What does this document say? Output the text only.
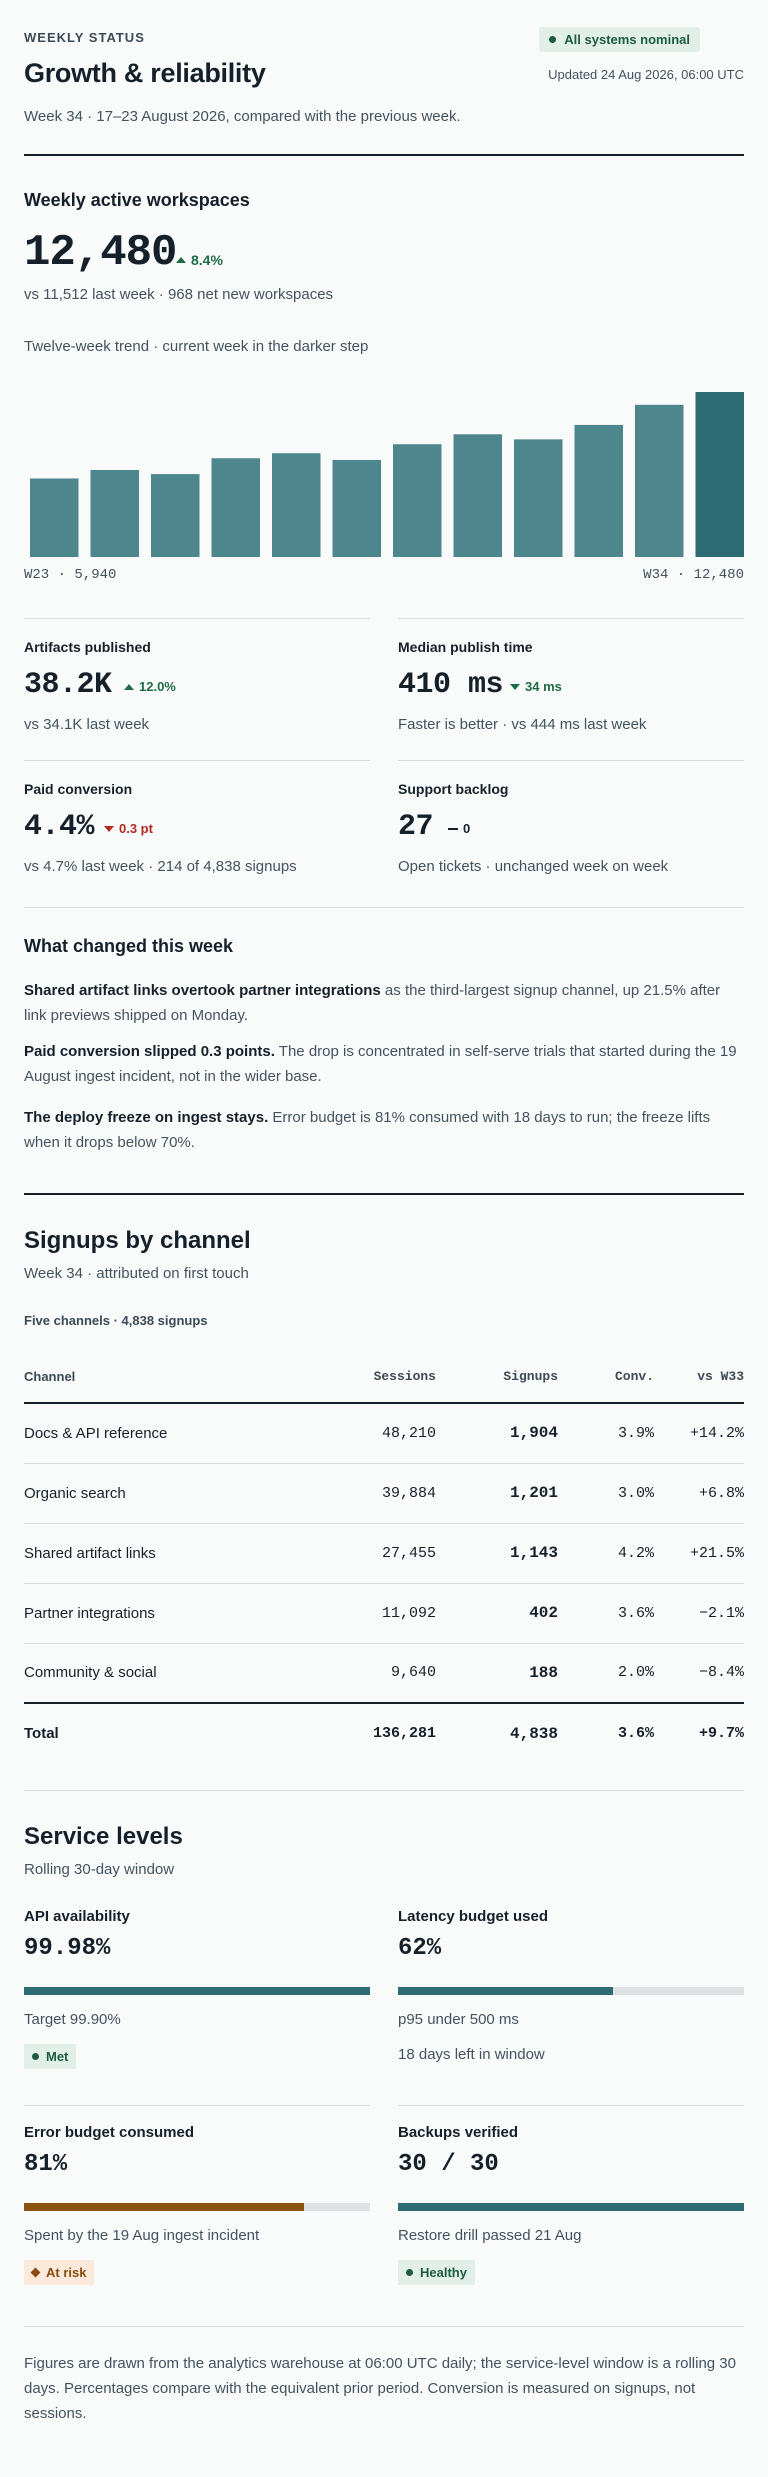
WEEKLY STATUS
Growth & reliability
Week 34 · 17–23 August 2026, compared with the previous week.
All systems nominal
Updated 24 Aug 2026, 06:00 UTC
Weekly active workspaces
12,480 8.4%
vs 11,512 last week · 968 net new workspaces
Twelve-week trend · current week in the darker step
W23 · 5,940	W34 · 12,480
Artifacts published
38.2K 12.0%
vs 34.1K last week
Median publish time
410 ms 34 ms
Faster is better · vs 444 ms last week
Paid conversion
4.4% 0.3 pt
vs 4.7% last week · 214 of 4,838 signups
Support backlog
27 0
Open tickets · unchanged week on week
What changed this week

Shared artifact links overtook partner integrations as the third-largest signup channel, up 21.5% after link previews shipped on Monday.

Paid conversion slipped 0.3 points. The drop is concentrated in self-serve trials that started during the 19 August ingest incident, not in the wider base.

The deploy freeze on ingest stays. Error budget is 81% consumed with 18 days to run; the freeze lifts when it drops below 70%.

Signups by channel
Week 34 · attributed on first touch
Five channels · 4,838 signups
Channel	Sessions	Signups	Conv.	vs W33
Docs & API reference	48,210	1,904	3.9%	+14.2%
Organic search	39,884	1,201	3.0%	+6.8%
Shared artifact links	27,455	1,143	4.2%	+21.5%
Partner integrations	11,092	402	3.6%	−2.1%
Community & social	9,640	188	2.0%	−8.4%
Total	136,281	4,838	3.6%	+9.7%
Service levels
Rolling 30-day window
API availability
99.98%
Target 99.90%
Met
Latency budget used
62%
p95 under 500 ms
18 days left in window
Error budget consumed
81%
Spent by the 19 Aug ingest incident
At risk
Backups verified
30 / 30
Restore drill passed 21 Aug
Healthy

Figures are drawn from the analytics warehouse at 06:00 UTC daily; the service-level window is a rolling 30 days. Percentages compare with the equivalent prior period. Conversion is measured on signups, not sessions.
